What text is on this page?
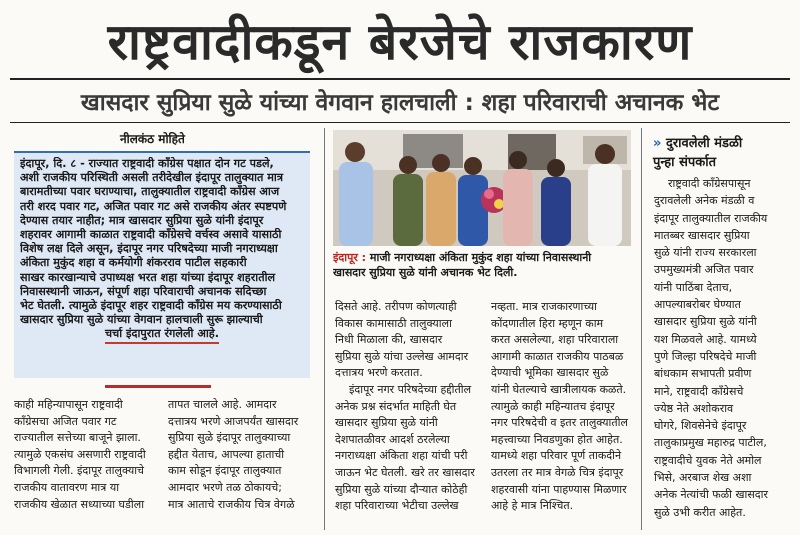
राष्ट्रवादीकडून बेरजेचे राजकारण
खासदार सुप्रिया सुळे यांच्या वेगवान हालचाली : शहा परिवाराची अचानक भेट
नीलकंठ मोहिते
इंदापूर, दि. ८ - राज्यात राष्ट्रवादी कॉंग्रेस पक्षात दोन गट पडले,
अशी राजकीय परिस्थिती असली तरीदेखील इंदापूर तालुक्यात मात्र
बारामतीच्या पवार घराण्याचा, तालुक्यातील राष्ट्रवादी कॉंग्रेस आज
तरी शरद पवार गट, अजित पवार गट असे राजकीय अंतर स्पष्टपणे
देण्यास तयार नाहीत; मात्र खासदार सुप्रिया सुळे यांनी इंदापूर
शहरावर आगामी काळात राष्ट्रवादी कॉंग्रेसचे वर्चस्व असावे यासाठी
विशेष लक्ष दिले असून, इंदापूर नगर परिषदेच्या माजी नगराध्यक्षा
अंकिता मुकुंद शहा व कर्मयोगी शंकरराव पाटील सहकारी
साखर कारखान्याचे उपाध्यक्ष भरत शहा यांच्या इंदापूर शहरातील
निवासस्थानी जाऊन, संपूर्ण शहा परिवाराची अचानक सदिच्छा
भेट घेतली. त्यामुळे इंदापूर शहर राष्ट्रवादी कॉंग्रेस मय करण्यासाठी
खासदार सुप्रिया सुळे यांच्या वेगवान हालचाली सुरू झाल्याची
चर्चा इंदापुरात रंगलेली आहे.
काही महिन्यापासून राष्ट्रवादी
कॉंग्रेसचा अजित पवार गट
राज्यातील सत्तेच्या बाजूने झाला.
त्यामुळे एकसंघ असणारी राष्ट्रवादी
विभागली गेली. इंदापूर तालुक्याचे
राजकीय वातावरण मात्र या
राजकीय खेळात सध्याच्या घडीला
तापत चालले आहे. आमदार
दत्तात्रय भरणे आजपर्यंत खासदार
सुप्रिया सुळे इंदापूर तालुक्याच्या
हद्दीत येताच, आपल्या हाताची
काम सोडून इंदापूर तालुक्यात
आमदार भरणे तळ ठोकायचे;
मात्र आताचे राजकीय चित्र वेगळे
दिसते आहे. तरीपण कोणत्याही
विकास कामासाठी तालुक्याला
निधी मिळाला की, खासदार
सुप्रिया सुळे यांचा उल्लेख आमदार
दत्तात्रय भरणे करतात.
इंदापूर नगर परिषदेच्या हद्दीतील
अनेक प्रश्न संदर्भात माहिती घेत
खासदार सुप्रिया सुळे यांनी
देशपातळीवर आदर्श ठरलेल्या
नगराध्यक्षा अंकिता शहा यांची परी
जाऊन भेट घेतली. खरे तर खासदार
सुप्रिया सुळे यांच्या दौऱ्यात कोठेही
शहा परिवाराच्या भेटीचा उल्लेख
नव्हता. मात्र राजकारणाच्या
कोंदणातील हिरा म्हणून काम
करत असलेल्या, शहा परिवाराला
आगामी काळात राजकीय पाठबळ
देण्याची भूमिका खासदार सुळे
यांनी घेतल्याचे खात्रीलायक कळते.
त्यामुळे काही महिन्यातच इंदापूर
नगर परिषदेची व इतर तालुक्यातील
महत्त्वाच्या निवडणुका होत आहेत.
यामध्ये शहा परिवार पूर्ण ताकदीने
उतरला तर मात्र वेगळे चित्र इंदापूर
शहरवासी यांना पाहण्यास मिळणार
आहे हे मात्र निश्चित.
इंदापूर : माजी नगराध्यक्षा अंकिता मुकुंद शहा यांच्या निवासस्थानी
खासदार सुप्रिया सुळे यांनी अचानक भेट दिली.
» दुरावलेली मंडळी
पुन्हा संपर्कात
राष्ट्रवादी कॉंग्रेसपासून
दुरावलेली अनेक मंडळी व
इंदापूर तालुक्यातील राजकीय
मातब्बर खासदार सुप्रिया
सुळे यांनी राज्य सरकारला
उपमुख्यमंत्री अजित पवार
यांनी पाठिंबा देताच,
आपल्याबरोबर घेण्यात
खासदार सुप्रिया सुळे यांनी
यश मिळवले आहे. यामध्ये
पुणे जिल्हा परिषदेचे माजी
बांधकाम सभापती प्रवीण
माने, राष्ट्रवादी कॉंग्रेसचे
ज्येष्ठ नेते अशोकराव
घोगरे, शिवसेनेचे इंदापूर
तालुकाप्रमुख महारुद्र पाटील,
राष्ट्रवादीचे युवक नेते अमोल
भिसे, अरबाज शेख अशा
अनेक नेत्यांची फळी खासदार
सुळे उभी करीत आहेत.
